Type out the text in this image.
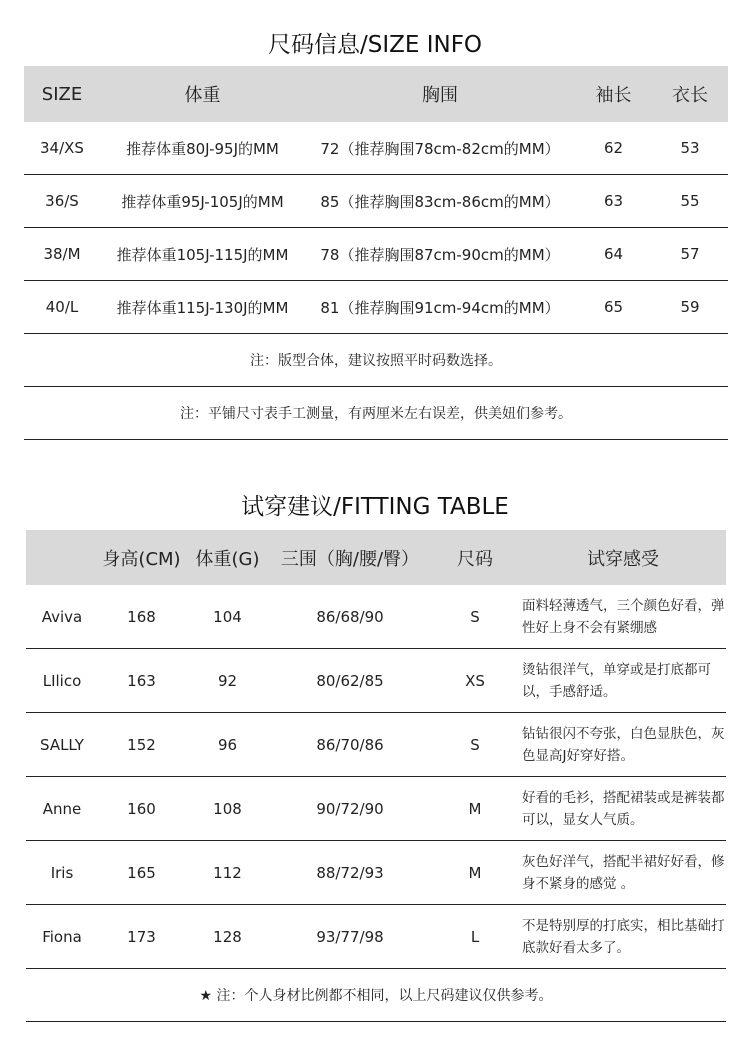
尺码信息/SIZE INFO
SIZE	体重	胸围	袖长	衣长
34/XS	推荐体重80J-95J的MM	72（推荐胸围78cm-82cm的MM）	62	53
36/S	推荐体重95J-105J的MM	85（推荐胸围83cm-86cm的MM）	63	55
38/M	推荐体重105J-115J的MM	78（推荐胸围87cm-90cm的MM）	64	57
40/L	推荐体重115J-130J的MM	81（推荐胸围91cm-94cm的MM）	65	59
注：版型合体，建议按照平时码数选择。				
注：平铺尺寸表手工测量，有两厘米左右误差，供美妞们参考。				
试穿建议/FITTING TABLE
	身高(CM)	体重(G)	三围（胸/腰/臀）	尺码	试穿感受
Aviva	168	104	86/68/90	S	面料轻薄透气，三个颜色好看，弹性好上身不会有紧绷感
LIlico	163	92	80/62/85	XS	烫钻很洋气，单穿或是打底都可以，手感舒适。
SALLY	152	96	86/70/86	S	钻钻很闪不夸张，白色显肤色，灰色显高J好穿好搭。
Anne	160	108	90/72/90	M	好看的毛衫，搭配裙装或是裤装都可以，显女人气质。
Iris	165	112	88/72/93	M	灰色好洋气，搭配半裙好好看，修身不紧身的感觉 。
Fiona	173	128	93/77/98	L	不是特别厚的打底实，相比基础打底款好看太多了。
★ 注：个人身材比例都不相同，以上尺码建议仅供参考。					
